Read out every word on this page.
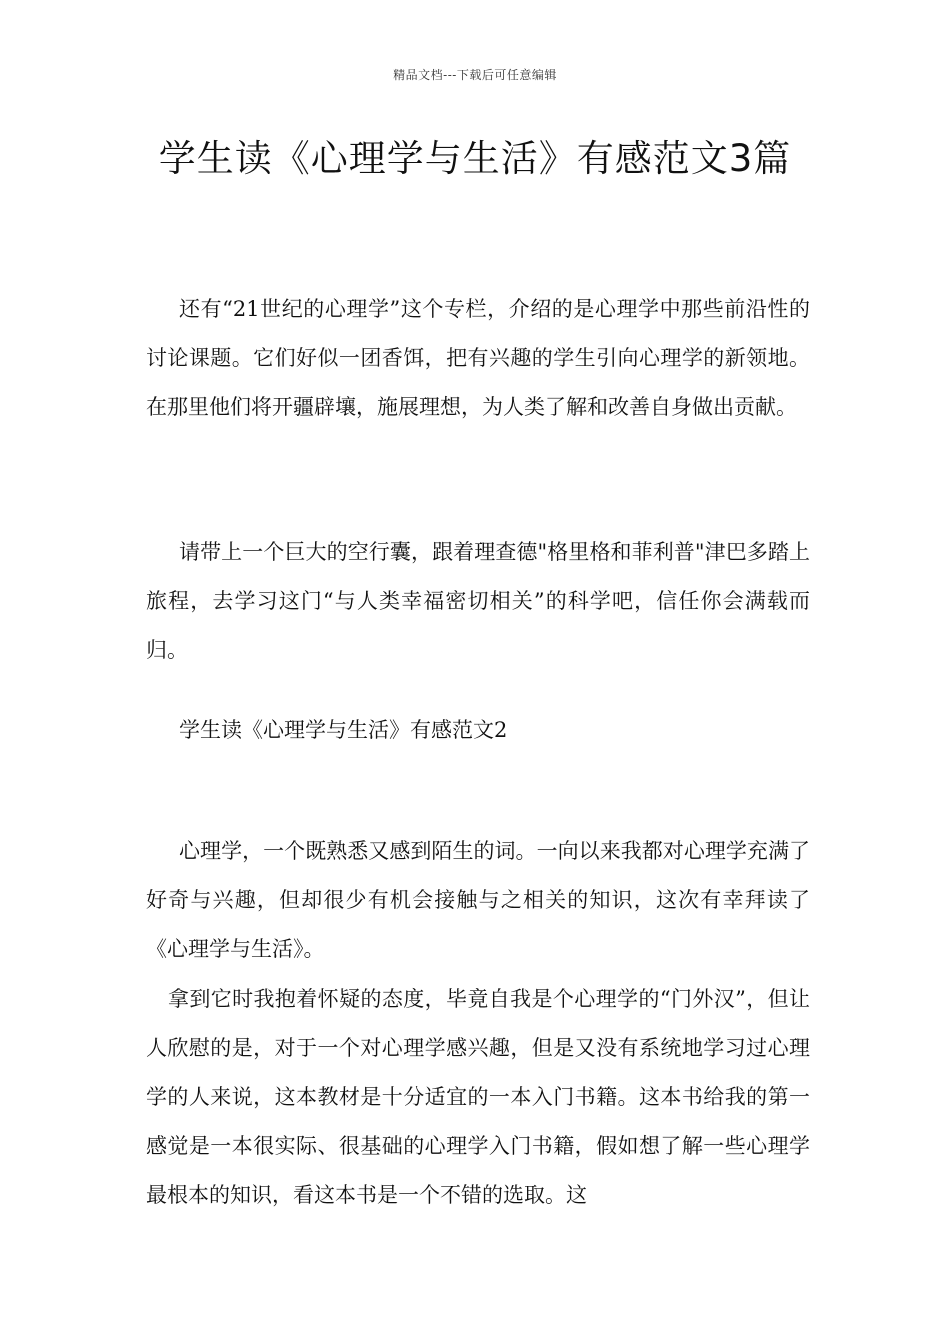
精品文档---下载后可任意编辑
学生读《心理学与生活》有感范文3篇

还有“21世纪的心理学”这个专栏，介绍的是心理学中那些前沿性的讨论课题。它们好似一团香饵，把有兴趣的学生引向心理学的新领地。在那里他们将开疆辟壤，施展理想，为人类了解和改善自身做出贡献。

请带上一个巨大的空行囊，跟着理查德"格里格和菲利普"津巴多踏上旅程，去学习这门“与人类幸福密切相关”的科学吧，信任你会满载而归。

学生读《心理学与生活》有感范文2

心理学，一个既熟悉又感到陌生的词。一向以来我都对心理学充满了好奇与兴趣，但却很少有机会接触与之相关的知识，这次有幸拜读了《心理学与生活》。

拿到它时我抱着怀疑的态度，毕竟自我是个心理学的“门外汉”，但让人欣慰的是，对于一个对心理学感兴趣，但是又没有系统地学习过心理学的人来说，这本教材是十分适宜的一本入门书籍。这本书给我的第一感觉是一本很实际、很基础的心理学入门书籍，假如想了解一些心理学最根本的知识，看这本书是一个不错的选取。这
